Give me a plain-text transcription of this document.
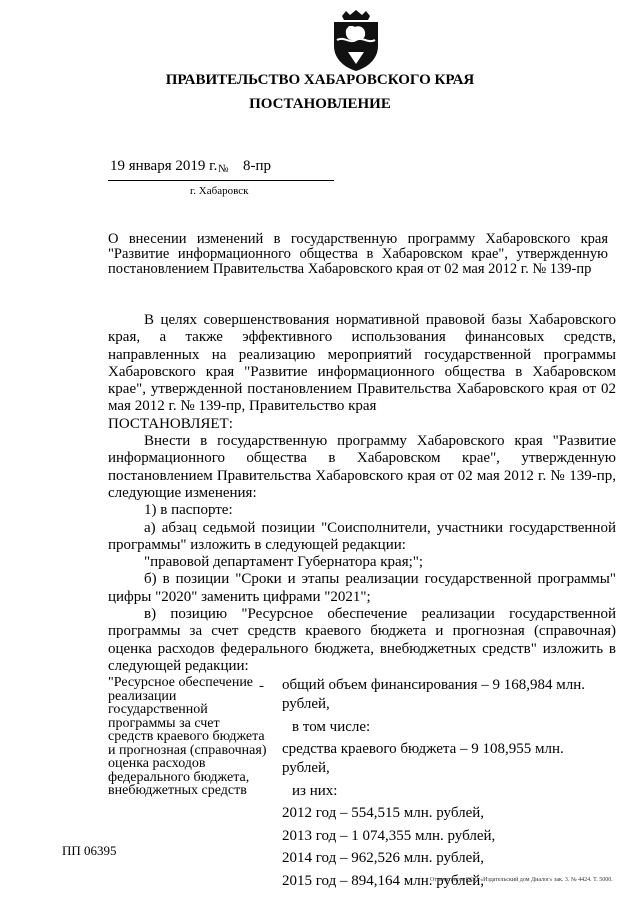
ПРАВИТЕЛЬСТВО ХАБАРОВСКОГО КРАЯ
ПОСТАНОВЛЕНИЕ
19 января 2019 г. № 8-пр
г. Хабаровск
О внесении изменений в государственную программу Хабаровского края "Развитие информационного общества в Хабаровском крае", утвержденную постановлением Правительства Хабаровского края от 02 мая 2012 г. № 139-пр

В целях совершенствования нормативной правовой базы Хабаровского края, а также эффективного использования финансовых средств, направленных на реализацию мероприятий государственной программы Хабаровского края "Развитие информационного общества в Хабаровском крае", утвержденной постановлением Правительства Хабаровского края от 02 мая 2012 г. № 139-пр, Правительство края

ПОСТАНОВЛЯЕТ:

Внести в государственную программу Хабаровского края "Развитие информационного общества в Хабаровском крае", утвержденную постановлением Правительства Хабаровского края от 02 мая 2012 г. № 139-пр, следующие изменения:

1) в паспорте:

а) абзац седьмой позиции "Соисполнители, участники государственной программы" изложить в следующей редакции:

"правовой департамент Губернатора края;";

б) в позиции "Сроки и этапы реализации государственной программы" цифры "2020" заменить цифрами "2021";

в) позицию "Ресурсное обеспечение реализации государственной программы за счет средств краевого бюджета и прогнозная (справочная) оценка расходов федерального бюджета, внебюджетных средств" изложить в следующей редакции:

"Ресурсное обеспечение реализации государственной программы за счет средств краевого бюджета и прогнозная (справочная) оценка расходов федерального бюджета, внебюджетных средств
- общий объем финансирования – 9 168,984 млн. рублей,
в том числе:
средства краевого бюджета – 9 108,955 млн. рублей,
из них:
2012 год – 554,515 млн. рублей,
2013 год – 1 074,355 млн. рублей,
2014 год – 962,526 млн. рублей,
2015 год – 894,164 млн. рублей,
ПП 06395
Отпечатано в ООО «Издательский дом Диалог» зак. 3. № 4424. Т. 5000.
